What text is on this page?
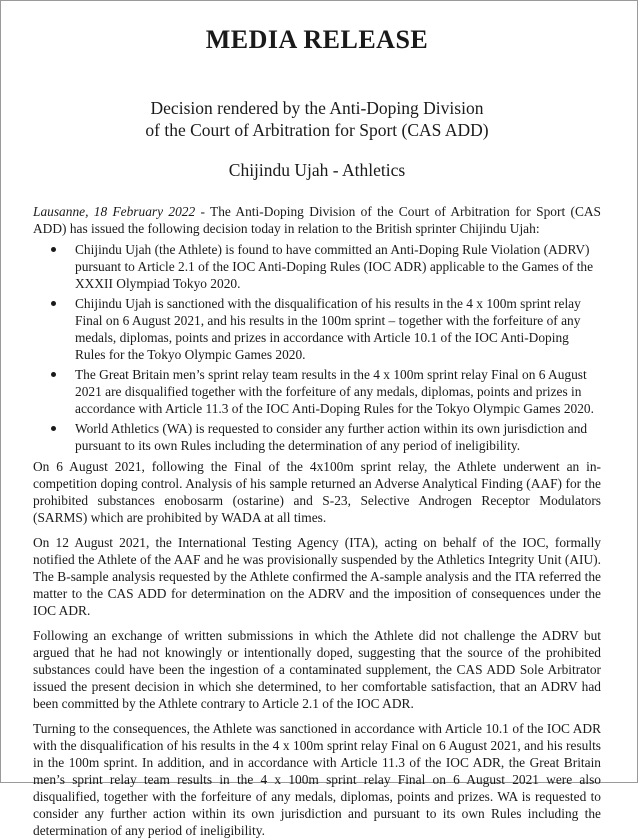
MEDIA RELEASE
Decision rendered by the Anti-Doping Division
of the Court of Arbitration for Sport (CAS ADD)
Chijindu Ujah - Athletics

Lausanne, 18 February 2022 - The Anti-Doping Division of the Court of Arbitration for Sport (CAS ADD) has issued the following decision today in relation to the British sprinter Chijindu Ujah:

Chijindu Ujah (the Athlete) is found to have committed an Anti-Doping Rule Violation (ADRV) pursuant to Article 2.1 of the IOC Anti-Doping Rules (IOC ADR) applicable to the Games of the XXXII Olympiad Tokyo 2020.
Chijindu Ujah is sanctioned with the disqualification of his results in the 4 x 100m sprint relay Final on 6 August 2021, and his results in the 100m sprint – together with the forfeiture of any medals, diplomas, points and prizes in accordance with Article 10.1 of the IOC Anti-Doping Rules for the Tokyo Olympic Games 2020.
The Great Britain men’s sprint relay team results in the 4 x 100m sprint relay Final on 6 August 2021 are disqualified together with the forfeiture of any medals, diplomas, points and prizes in accordance with Article 11.3 of the IOC Anti-Doping Rules for the Tokyo Olympic Games 2020.
World Athletics (WA) is requested to consider any further action within its own jurisdiction and pursuant to its own Rules including the determination of any period of ineligibility.

On 6 August 2021, following the Final of the 4x100m sprint relay, the Athlete underwent an in-competition doping control. Analysis of his sample returned an Adverse Analytical Finding (AAF) for the prohibited substances enobosarm (ostarine) and S-23, Selective Androgen Receptor Modulators (SARMS) which are prohibited by WADA at all times.

On 12 August 2021, the International Testing Agency (ITA), acting on behalf of the IOC, formally notified the Athlete of the AAF and he was provisionally suspended by the Athletics Integrity Unit (AIU). The B-sample analysis requested by the Athlete confirmed the A-sample analysis and the ITA referred the matter to the CAS ADD for determination on the ADRV and the imposition of consequences under the IOC ADR.

Following an exchange of written submissions in which the Athlete did not challenge the ADRV but argued that he had not knowingly or intentionally doped, suggesting that the source of the prohibited substances could have been the ingestion of a contaminated supplement, the CAS ADD Sole Arbitrator issued the present decision in which she determined, to her comfortable satisfaction, that an ADRV had been committed by the Athlete contrary to Article 2.1 of the IOC ADR.

Turning to the consequences, the Athlete was sanctioned in accordance with Article 10.1 of the IOC ADR with the disqualification of his results in the 4 x 100m sprint relay Final on 6 August 2021, and his results in the 100m sprint. In addition, and in accordance with Article 11.3 of the IOC ADR, the Great Britain men’s sprint relay team results in the 4 x 100m sprint relay Final on 6 August 2021 were also disqualified, together with the forfeiture of any medals, diplomas, points and prizes. WA is requested to consider any further action within its own jurisdiction and pursuant to its own Rules including the determination of any period of ineligibility.
